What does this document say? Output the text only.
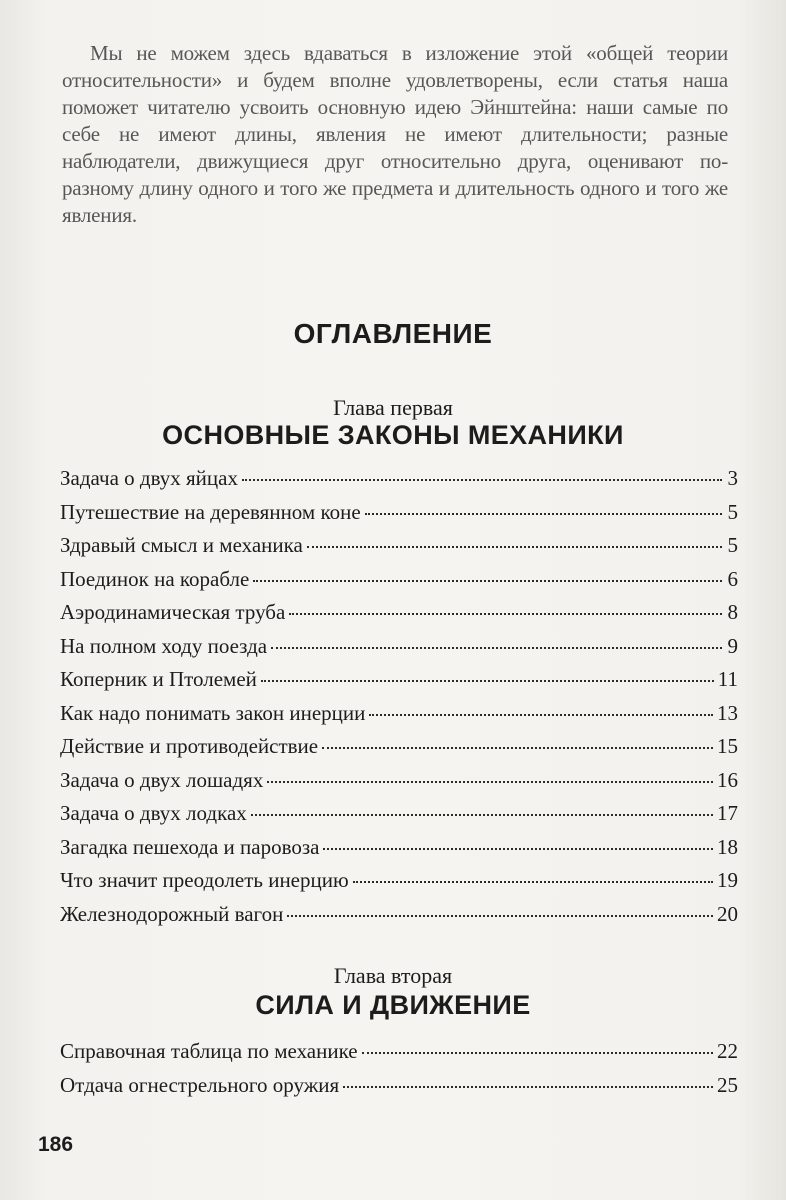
Мы не можем здесь вдаваться в изложение этой «общей теории относительности» и будем вполне удовлетворены, если статья наша поможет читателю усвоить основную идею Эйнштейна: наши самые по себе не имеют длины, явления не имеют длительности; разные наблюдатели, движущиеся друг относительно друга, оценивают по-разному длину одного и того же предмета и длительность одного и того же явления.
ОГЛАВЛЕНИЕ
Глава первая
ОСНОВНЫЕ ЗАКОНЫ МЕХАНИКИ
Задача о двух яйцах	3
Путешествие на деревянном коне	5
Здравый смысл и механика	5
Поединок на корабле	6
Аэродинамическая труба	8
На полном ходу поезда	9
Коперник и Птолемей	11
Как надо понимать закон инерции	13
Действие и противодействие	15
Задача о двух лошадях	16
Задача о двух лодках	17
Загадка пешехода и паровоза	18
Что значит преодолеть инерцию	19
Железнодорожный вагон	20
Глава вторая
СИЛА И ДВИЖЕНИЕ
Справочная таблица по механике	22
Отдача огнестрельного оружия	25
186
